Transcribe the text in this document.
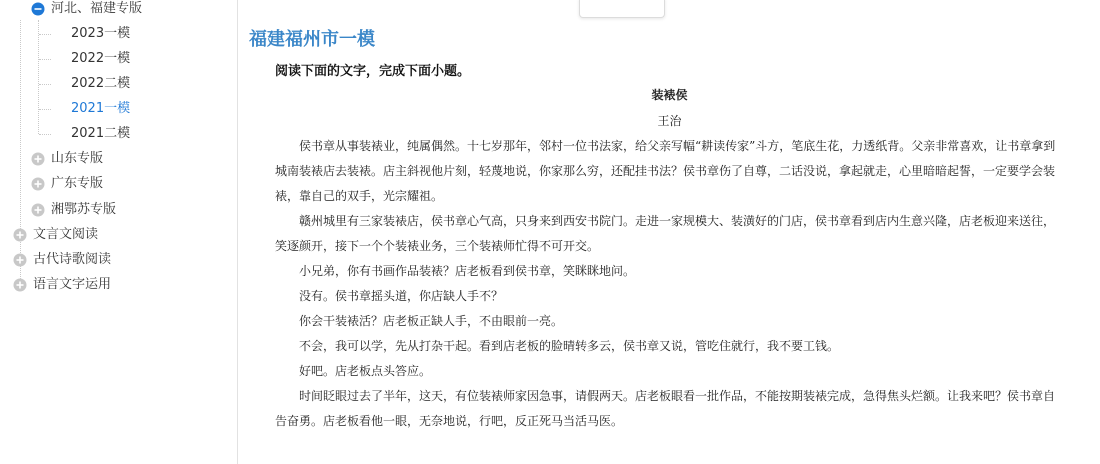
河北、福建专版
2023一模
2022一模
2022二模
2021一模
2021二模
山东专版
广东专版
湘鄂苏专版
文言文阅读
古代诗歌阅读
语言文字运用
福建福州市一模
阅读下面的文字，完成下面小题。
装裱侯
王治

侯书章从事装裱业，纯属偶然。十七岁那年，邻村一位书法家，给父亲写幅“耕读传家”斗方，笔底生花，力透纸背。父亲非常喜欢，让书章拿到城南装裱店去装裱。店主斜视他片刻，轻蔑地说，你家那么穷，还配挂书法？侯书章伤了自尊，二话没说，拿起就走，心里暗暗起誓，一定要学会装裱，靠自己的双手，光宗耀祖。

赣州城里有三家装裱店，侯书章心气高，只身来到西安书院门。走进一家规模大、装潢好的门店，侯书章看到店内生意兴隆，店老板迎来送往，笑逐颜开，接下一个个装裱业务，三个装裱师忙得不可开交。

小兄弟，你有书画作品装裱？店老板看到侯书章，笑眯眯地问。

没有。侯书章摇头道，你店缺人手不？

你会干装裱活？店老板正缺人手，不由眼前一亮。

不会，我可以学，先从打杂干起。看到店老板的脸晴转多云，侯书章又说，管吃住就行，我不要工钱。

好吧。店老板点头答应。

时间眨眼过去了半年，这天，有位装裱师家因急事，请假两天。店老板眼看一批作品，不能按期装裱完成，急得焦头烂额。让我来吧？侯书章自告奋勇。店老板看他一眼，无奈地说，行吧，反正死马当活马医。
